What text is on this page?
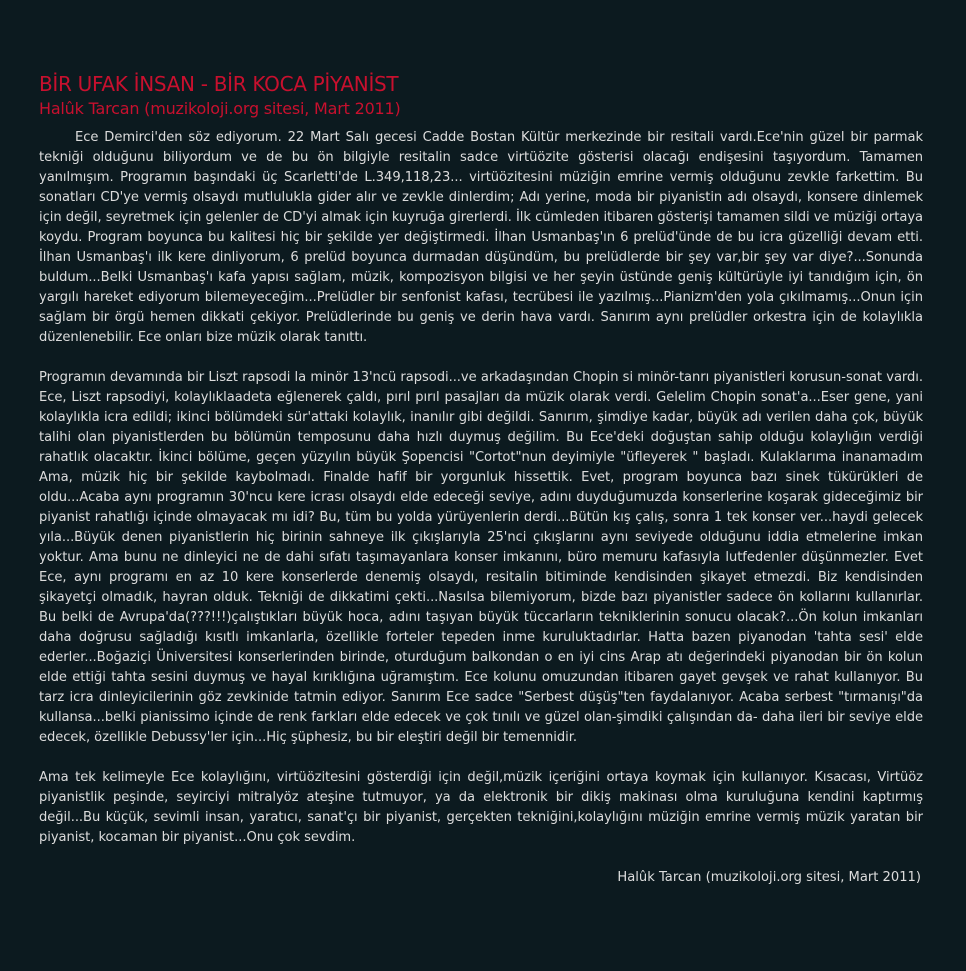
BİR UFAK İNSAN - BİR KOCA PİYANİST
Halûk Tarcan (muzikoloji.org sitesi, Mart 2011)

Ece Demirci'den söz ediyorum. 22 Mart Salı gecesi Cadde Bostan Kültür merkezinde bir resitali vardı.Ece'nin güzel bir parmak tekniği olduğunu biliyordum ve de bu ön bilgiyle resitalin sadce virtüözite gösterisi olacağı endişesini taşıyordum. Tamamen yanılmışım. Programın başındaki üç Scarletti'de L.349,118,23... virtüözitesini müziğin emrine vermiş olduğunu zevkle farkettim. Bu sonatları CD'ye vermiş olsaydı mutlulukla gider alır ve zevkle dinlerdim; Adı yerine, moda bir piyanistin adı olsaydı, konsere dinlemek için değil, seyretmek için gelenler de CD'yi almak için kuyruğa girerlerdi. İlk cümleden itibaren gösterişi tamamen sildi ve müziği ortaya koydu. Program boyunca bu kalitesi hiç bir şekilde yer değiştirmedi. İlhan Usmanbaş'ın 6 prelüd'ünde de bu icra güzelliği devam etti. İlhan Usmanbaş'ı ilk kere dinliyorum, 6 prelüd boyunca durmadan düşündüm, bu prelüdlerde bir şey var,bir şey var diye?...Sonunda buldum...Belki Usmanbaş'ı kafa yapısı sağlam, müzik, kompozisyon bilgisi ve her şeyin üstünde geniş kültürüyle iyi tanıdığım için, ön yargılı hareket ediyorum bilemeyeceğim...Prelüdler bir senfonist kafası, tecrübesi ile yazılmış...Pianizm'den yola çıkılmamış...Onun için sağlam bir örgü hemen dikkati çekiyor. Prelüdlerinde bu geniş ve derin hava vardı. Sanırım aynı prelüdler orkestra için de kolaylıkla düzenlenebilir. Ece onları bize müzik olarak tanıttı.

Programın devamında bir Liszt rapsodi la minör 13'ncü rapsodi...ve arkadaşından Chopin si minör-tanrı piyanistleri korusun-sonat vardı. Ece, Liszt rapsodiyi, kolaylıklaadeta eğlenerek çaldı, pırıl pırıl pasajları da müzik olarak verdi. Gelelim Chopin sonat'a...Eser gene, yani kolaylıkla icra edildi; ikinci bölümdeki sür'attaki kolaylık, inanılır gibi değildi. Sanırım, şimdiye kadar, büyük adı verilen daha çok, büyük talihi olan piyanistlerden bu bölümün temposunu daha hızlı duymuş değilim. Bu Ece'deki doğuştan sahip olduğu kolaylığın verdiği rahatlık olacaktır. İkinci bölüme, geçen yüzyılın büyük Şopencisi "Cortot"nun deyimiyle "üfleyerek " başladı. Kulaklarıma inanamadım Ama, müzik hiç bir şekilde kaybolmadı. Finalde hafif bir yorgunluk hissettik. Evet, program boyunca bazı sinek tükürükleri de oldu...Acaba aynı programın 30'ncu kere icrası olsaydı elde edeceği seviye, adını duyduğumuzda konserlerine koşarak gideceğimiz bir piyanist rahatlığı içinde olmayacak mı idi? Bu, tüm bu yolda yürüyenlerin derdi...Bütün kış çalış, sonra 1 tek konser ver...haydi gelecek yıla...Büyük denen piyanistlerin hiç birinin sahneye ilk çıkışlarıyla 25'nci çıkışlarını aynı seviyede olduğunu iddia etmelerine imkan yoktur. Ama bunu ne dinleyici ne de dahi sıfatı taşımayanlara konser imkanını, büro memuru kafasıyla lutfedenler düşünmezler. Evet Ece, aynı programı en az 10 kere konserlerde denemiş olsaydı, resitalin bitiminde kendisinden şikayet etmezdi. Biz kendisinden şikayetçi olmadık, hayran olduk. Tekniği de dikkatimi çekti...Nasılsa bilemiyorum, bizde bazı piyanistler sadece ön kollarını kullanırlar. Bu belki de Avrupa'da(???!!!)çalıştıkları büyük hoca, adını taşıyan büyük tüccarların tekniklerinin sonucu olacak?...Ön kolun imkanları daha doğrusu sağladığı kısıtlı imkanlarla, özellikle forteler tepeden inme kuruluktadırlar. Hatta bazen piyanodan 'tahta sesi' elde ederler...Boğaziçi Üniversitesi konserlerinden birinde, oturduğum balkondan o en iyi cins Arap atı değerindeki piyanodan bir ön kolun elde ettiği tahta sesini duymuş ve hayal kırıklığına uğramıştım. Ece kolunu omuzundan itibaren gayet gevşek ve rahat kullanıyor. Bu tarz icra dinleyicilerinin göz zevkinide tatmin ediyor. Sanırım Ece sadce "Serbest düşüş"ten faydalanıyor. Acaba serbest "tırmanışı"da kullansa...belki pianissimo içinde de renk farkları elde edecek ve çok tınılı ve güzel olan-şimdiki çalışından da- daha ileri bir seviye elde edecek, özellikle Debussy'ler için...Hiç şüphesiz, bu bir eleştiri değil bir temennidir.

Ama tek kelimeyle Ece kolaylığını, virtüözitesini gösterdiği için değil,müzik içeriğini ortaya koymak için kullanıyor. Kısacası, Virtüöz piyanistlik peşinde, seyirciyi mitralyöz ateşine tutmuyor, ya da elektronik bir dikiş makinası olma kuruluğuna kendini kaptırmış değil...Bu küçük, sevimli insan, yaratıcı, sanat'çı bir piyanist, gerçekten tekniğini,kolaylığını müziğin emrine vermiş müzik yaratan bir piyanist, kocaman bir piyanist...Onu çok sevdim.

Halûk Tarcan (muzikoloji.org sitesi, Mart 2011)
